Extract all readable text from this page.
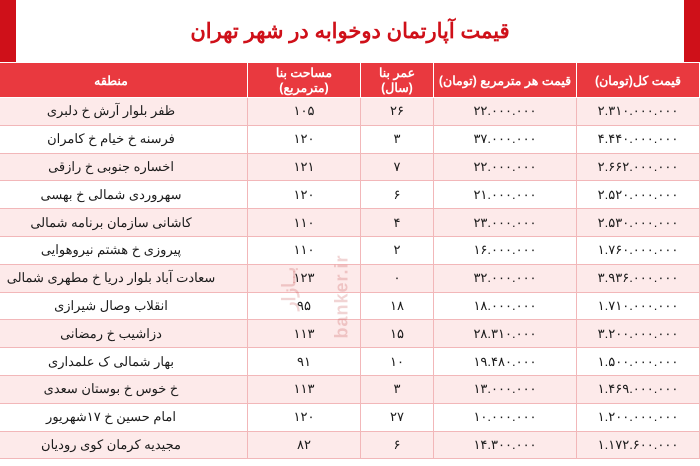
قیمت آپارتمان دوخوابه در شهر تهران
قیمت کل(تومان)	قیمت هر مترمربع (تومان)	عمر بنا (سال)	مساحت بنا (مترمربع)	منطقه
۲.۳۱۰.۰۰۰.۰۰۰	۲۲.۰۰۰.۰۰۰	۲۶	۱۰۵	ظفر بلوار آرش خ دلبری
۴.۴۴۰.۰۰۰.۰۰۰	۳۷.۰۰۰.۰۰۰	۳	۱۲۰	فرسنه خ خیام خ کامران
۲.۶۶۲.۰۰۰.۰۰۰	۲۲.۰۰۰.۰۰۰	۷	۱۲۱	اخساره جنوبی خ رازقی
۲.۵۲۰.۰۰۰.۰۰۰	۲۱.۰۰۰.۰۰۰	۶	۱۲۰	سهروردی شمالی خ بهسی
۲.۵۳۰.۰۰۰.۰۰۰	۲۳.۰۰۰.۰۰۰	۴	۱۱۰	کاشانی سازمان برنامه شمالی
۱.۷۶۰.۰۰۰.۰۰۰	۱۶.۰۰۰.۰۰۰	۲	۱۱۰	پیروزی خ هشتم نیروهوایی
۳.۹۳۶.۰۰۰.۰۰۰	۳۲.۰۰۰.۰۰۰	۰	۱۲۳	سعادت آباد بلوار دریا خ مطهری شمالی
۱.۷۱۰.۰۰۰.۰۰۰	۱۸.۰۰۰.۰۰۰	۱۸	۹۵	انقلاب وصال شیرازی
۳.۲۰۰.۰۰۰.۰۰۰	۲۸.۳۱۰.۰۰۰	۱۵	۱۱۳	دزاشیب خ رمضانی
۱.۵۰۰.۰۰۰.۰۰۰	۱۹.۴۸۰.۰۰۰	۱۰	۹۱	بهار شمالی ک علمداری
۱.۴۶۹.۰۰۰.۰۰۰	۱۳.۰۰۰.۰۰۰	۳	۱۱۳	خ خوس خ بوستان سعدی
۱.۲۰۰.۰۰۰.۰۰۰	۱۰.۰۰۰.۰۰۰	۲۷	۱۲۰	امام حسین خ ۱۷شهریور
۱.۱۷۲.۶۰۰.۰۰۰	۱۴.۳۰۰.۰۰۰	۶	۸۲	مجیدیه کرمان کوی رودیان
بــازار banker.ir
